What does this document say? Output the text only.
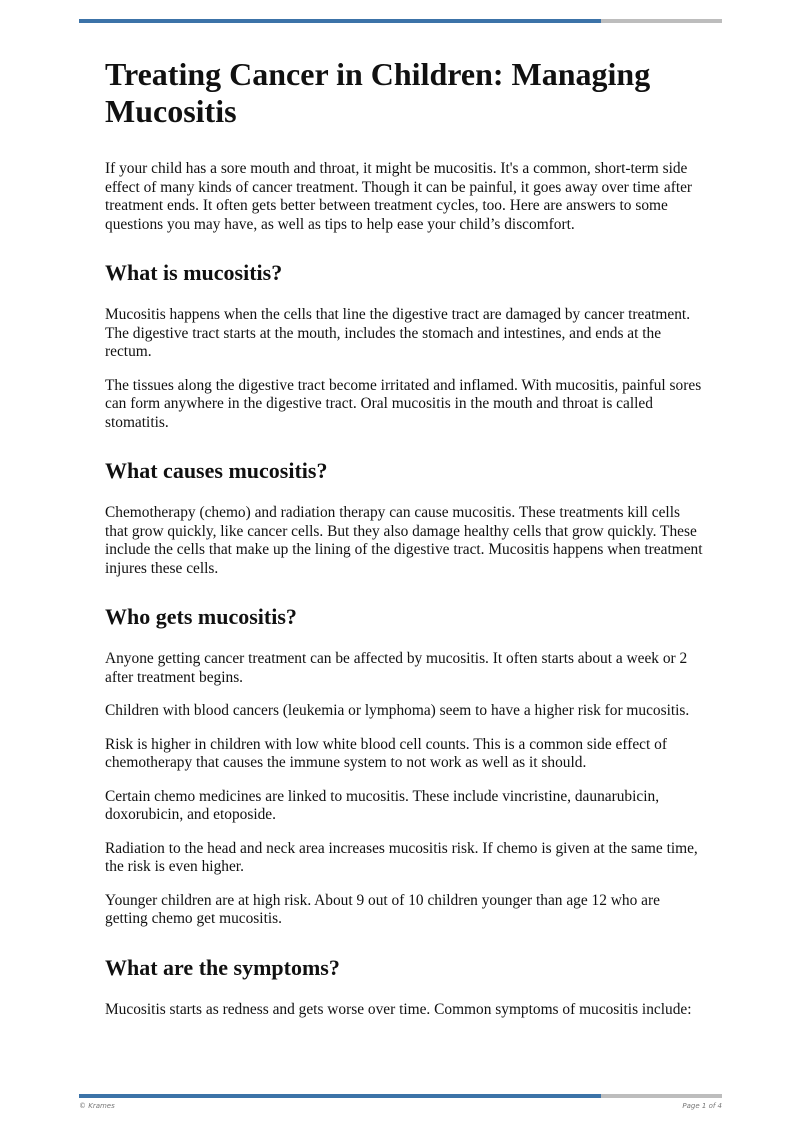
Treating Cancer in Children: Managing Mucositis

If your child has a sore mouth and throat, it might be mucositis. It's a common, short-term side effect of many kinds of cancer treatment. Though it can be painful, it goes away over time after treatment ends. It often gets better between treatment cycles, too. Here are answers to some questions you may have, as well as tips to help ease your child’s discomfort.

What is mucositis?

Mucositis happens when the cells that line the digestive tract are damaged by cancer treatment. The digestive tract starts at the mouth, includes the stomach and intestines, and ends at the rectum.

The tissues along the digestive tract become irritated and inflamed. With mucositis, painful sores can form anywhere in the digestive tract. Oral mucositis in the mouth and throat is called stomatitis.

What causes mucositis?

Chemotherapy (chemo) and radiation therapy can cause mucositis. These treatments kill cells that grow quickly, like cancer cells. But they also damage healthy cells that grow quickly. These include the cells that make up the lining of the digestive tract. Mucositis happens when treatment injures these cells.

Who gets mucositis?

Anyone getting cancer treatment can be affected by mucositis. It often starts about a week or 2 after treatment begins.

Children with blood cancers (leukemia or lymphoma) seem to have a higher risk for mucositis.

Risk is higher in children with low white blood cell counts. This is a common side effect of chemotherapy that causes the immune system to not work as well as it should.

Certain chemo medicines are linked to mucositis. These include vincristine, daunarubicin, doxorubicin, and etoposide.

Radiation to the head and neck area increases mucositis risk. If chemo is given at the same time, the risk is even higher.

Younger children are at high risk. About 9 out of 10 children younger than age 12 who are getting chemo get mucositis.

What are the symptoms?

Mucositis starts as redness and gets worse over time. Common symptoms of mucositis include:

© Krames	Page 1 of 4
